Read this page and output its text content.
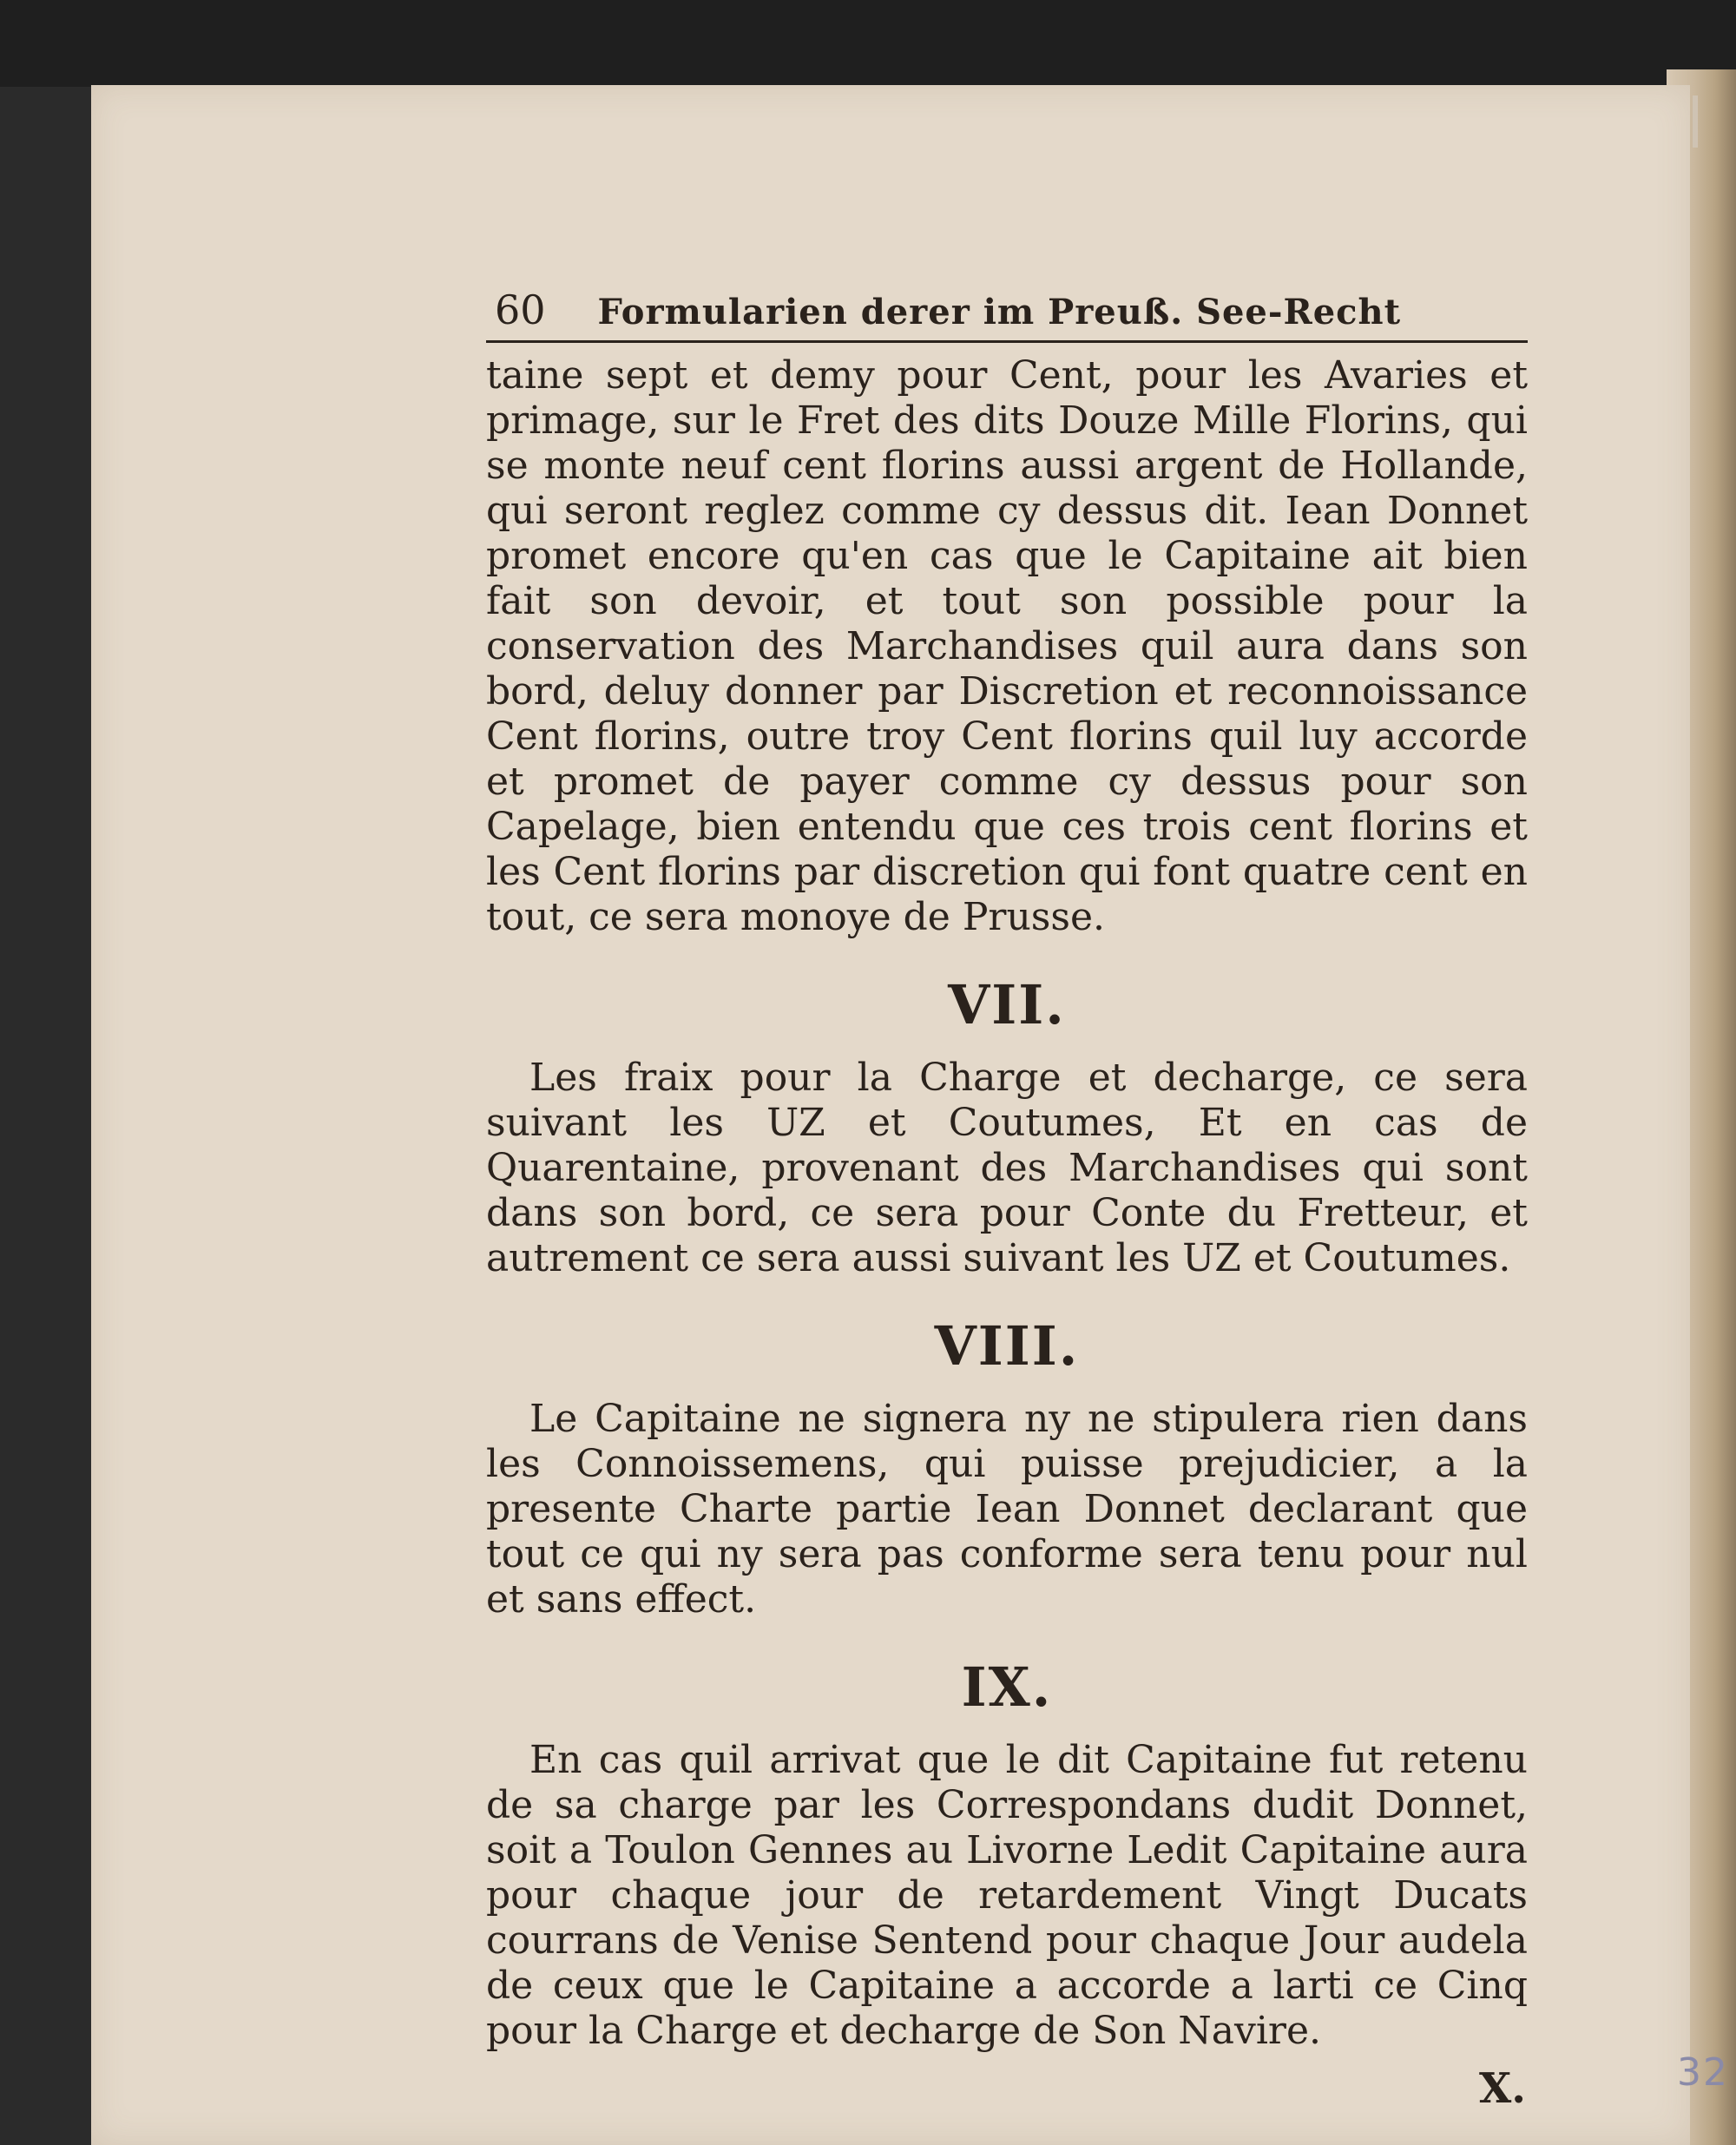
60 Formularien derer im Preuß. See-Recht

taine sept et demy pour Cent, pour les Avaries et primage, sur le Fret des dits Douze Mille Florins, qui se monte neuf cent florins aussi argent de Hollande, qui seront reglez comme cy dessus dit. Iean Donnet promet encore qu'en cas que le Capitaine ait bien fait son devoir, et tout son possible pour la conservation des Marchandises quil aura dans son bord, deluy donner par Discretion et reconnoissance Cent florins, outre troy Cent florins quil luy accorde et promet de payer comme cy dessus pour son Capelage, bien entendu que ces trois cent florins et les Cent florins par discretion qui font quatre cent en tout, ce sera monoye de Prusse.

VII.

Les fraix pour la Charge et decharge, ce sera suivant les UZ et Coutumes, Et en cas de Quarentaine, provenant des Marchandises qui sont dans son bord, ce sera pour Conte du Fretteur, et autrement ce sera aussi suivant les UZ et Coutumes.

VIII.

Le Capitaine ne signera ny ne stipulera rien dans les Connoissemens, qui puisse prejudicier, a la presente Charte partie Iean Donnet declarant que tout ce qui ny sera pas conforme sera tenu pour nul et sans effect.

IX.

En cas quil arrivat que le dit Capitaine fut retenu de sa charge par les Correspondans dudit Donnet, soit a Toulon Gennes au Livorne Ledit Capitaine aura pour chaque jour de retardement Vingt Ducats courrans de Venise Sentend pour chaque Jour audela de ceux que le Capitaine a accorde a larti ce Cinq pour la Charge et decharge de Son Navire.

X.	32
